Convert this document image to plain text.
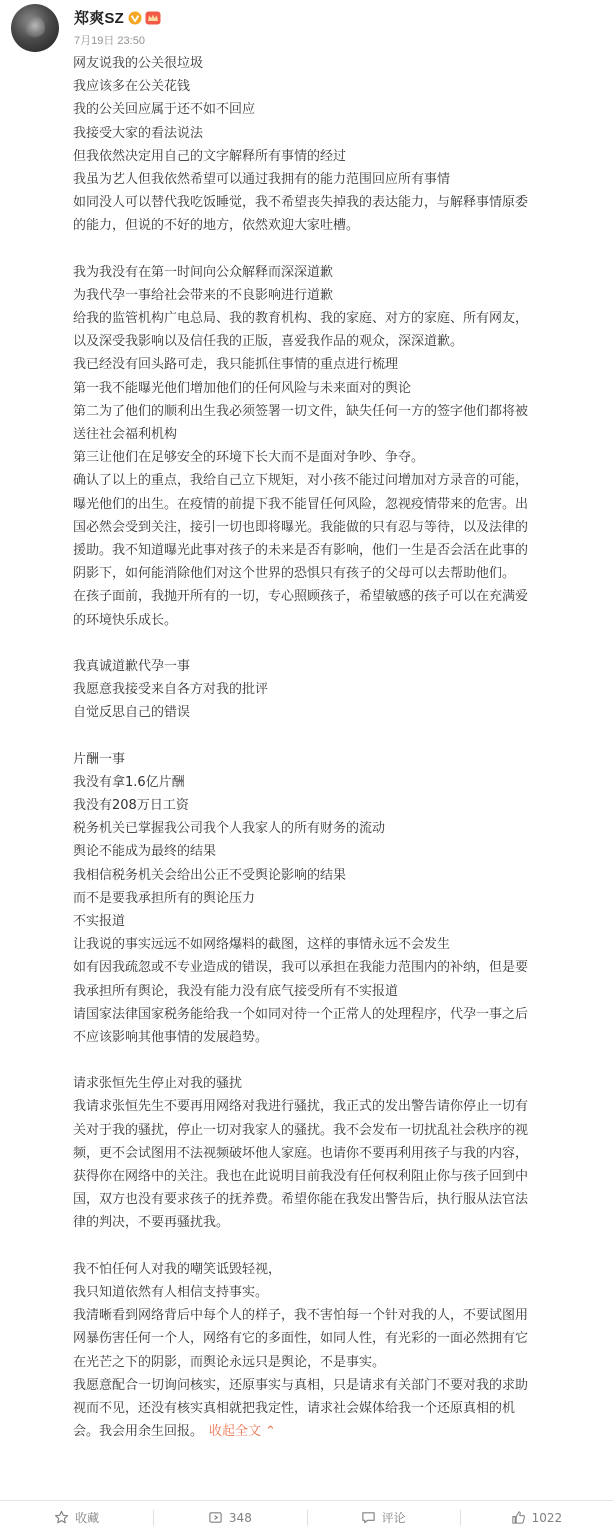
郑爽SZ
7月19日 23:50
网友说我的公关很垃圾
我应该多在公关花钱
我的公关回应属于还不如不回应
我接受大家的看法说法
但我依然决定用自己的文字解释所有事情的经过
我虽为艺人但我依然希望可以通过我拥有的能力范围回应所有事情
如同没人可以替代我吃饭睡觉，我不希望丧失掉我的表达能力，与解释事情原委
的能力，但说的不好的地方，依然欢迎大家吐槽。
我为我没有在第一时间向公众解释而深深道歉
为我代孕一事给社会带来的不良影响进行道歉
给我的监管机构广电总局、我的教育机构、我的家庭、对方的家庭、所有网友，
以及深受我影响以及信任我的正版，喜爱我作品的观众，深深道歉。
我已经没有回头路可走，我只能抓住事情的重点进行梳理
第一我不能曝光他们增加他们的任何风险与未来面对的舆论
第二为了他们的顺利出生我必须签署一切文件，缺失任何一方的签字他们都将被
送往社会福利机构
第三让他们在足够安全的环境下长大而不是面对争吵、争夺。
确认了以上的重点，我给自己立下规矩，对小孩不能过问增加对方录音的可能，
曝光他们的出生。在疫情的前提下我不能冒任何风险，忽视疫情带来的危害。出
国必然会受到关注，接引一切也即将曝光。我能做的只有忍与等待，以及法律的
援助。我不知道曝光此事对孩子的未来是否有影响，他们一生是否会活在此事的
阴影下，如何能消除他们对这个世界的恐惧只有孩子的父母可以去帮助他们。
在孩子面前，我抛开所有的一切，专心照顾孩子，希望敏感的孩子可以在充满爱
的环境快乐成长。
我真诚道歉代孕一事
我愿意我接受来自各方对我的批评
自觉反思自己的错误
片酬一事
我没有拿1.6亿片酬
我没有208万日工资
税务机关已掌握我公司我个人我家人的所有财务的流动
舆论不能成为最终的结果
我相信税务机关会给出公正不受舆论影响的结果
而不是要我承担所有的舆论压力
不实报道
让我说的事实远远不如网络爆料的截图，这样的事情永远不会发生
如有因我疏忽或不专业造成的错误，我可以承担在我能力范围内的补纳，但是要
我承担所有舆论，我没有能力没有底气接受所有不实报道
请国家法律国家税务能给我一个如同对待一个正常人的处理程序，代孕一事之后
不应该影响其他事情的发展趋势。
请求张恒先生停止对我的骚扰
我请求张恒先生不要再用网络对我进行骚扰，我正式的发出警告请你停止一切有
关对于我的骚扰，停止一切对我家人的骚扰。我不会发布一切扰乱社会秩序的视
频，更不会试图用不法视频破坏他人家庭。也请你不要再利用孩子与我的内容，
获得你在网络中的关注。我也在此说明目前我没有任何权利阻止你与孩子回到中
国，双方也没有要求孩子的抚养费。希望你能在我发出警告后，执行服从法官法
律的判决，不要再骚扰我。
我不怕任何人对我的嘲笑诋毁轻视，
我只知道依然有人相信支持事实。
我清晰看到网络背后中每个人的样子，我不害怕每一个针对我的人，不要试图用
网暴伤害任何一个人，网络有它的多面性，如同人性，有光彩的一面必然拥有它
在光芒之下的阴影，而舆论永远只是舆论，不是事实。
我愿意配合一切询问核实，还原事实与真相，只是请求有关部门不要对我的求助
视而不见，还没有核实真相就把我定性，请求社会媒体给我一个还原真相的机
会。我会用余生回报。 收起全文 ⌃
收藏	348	评论	1022
